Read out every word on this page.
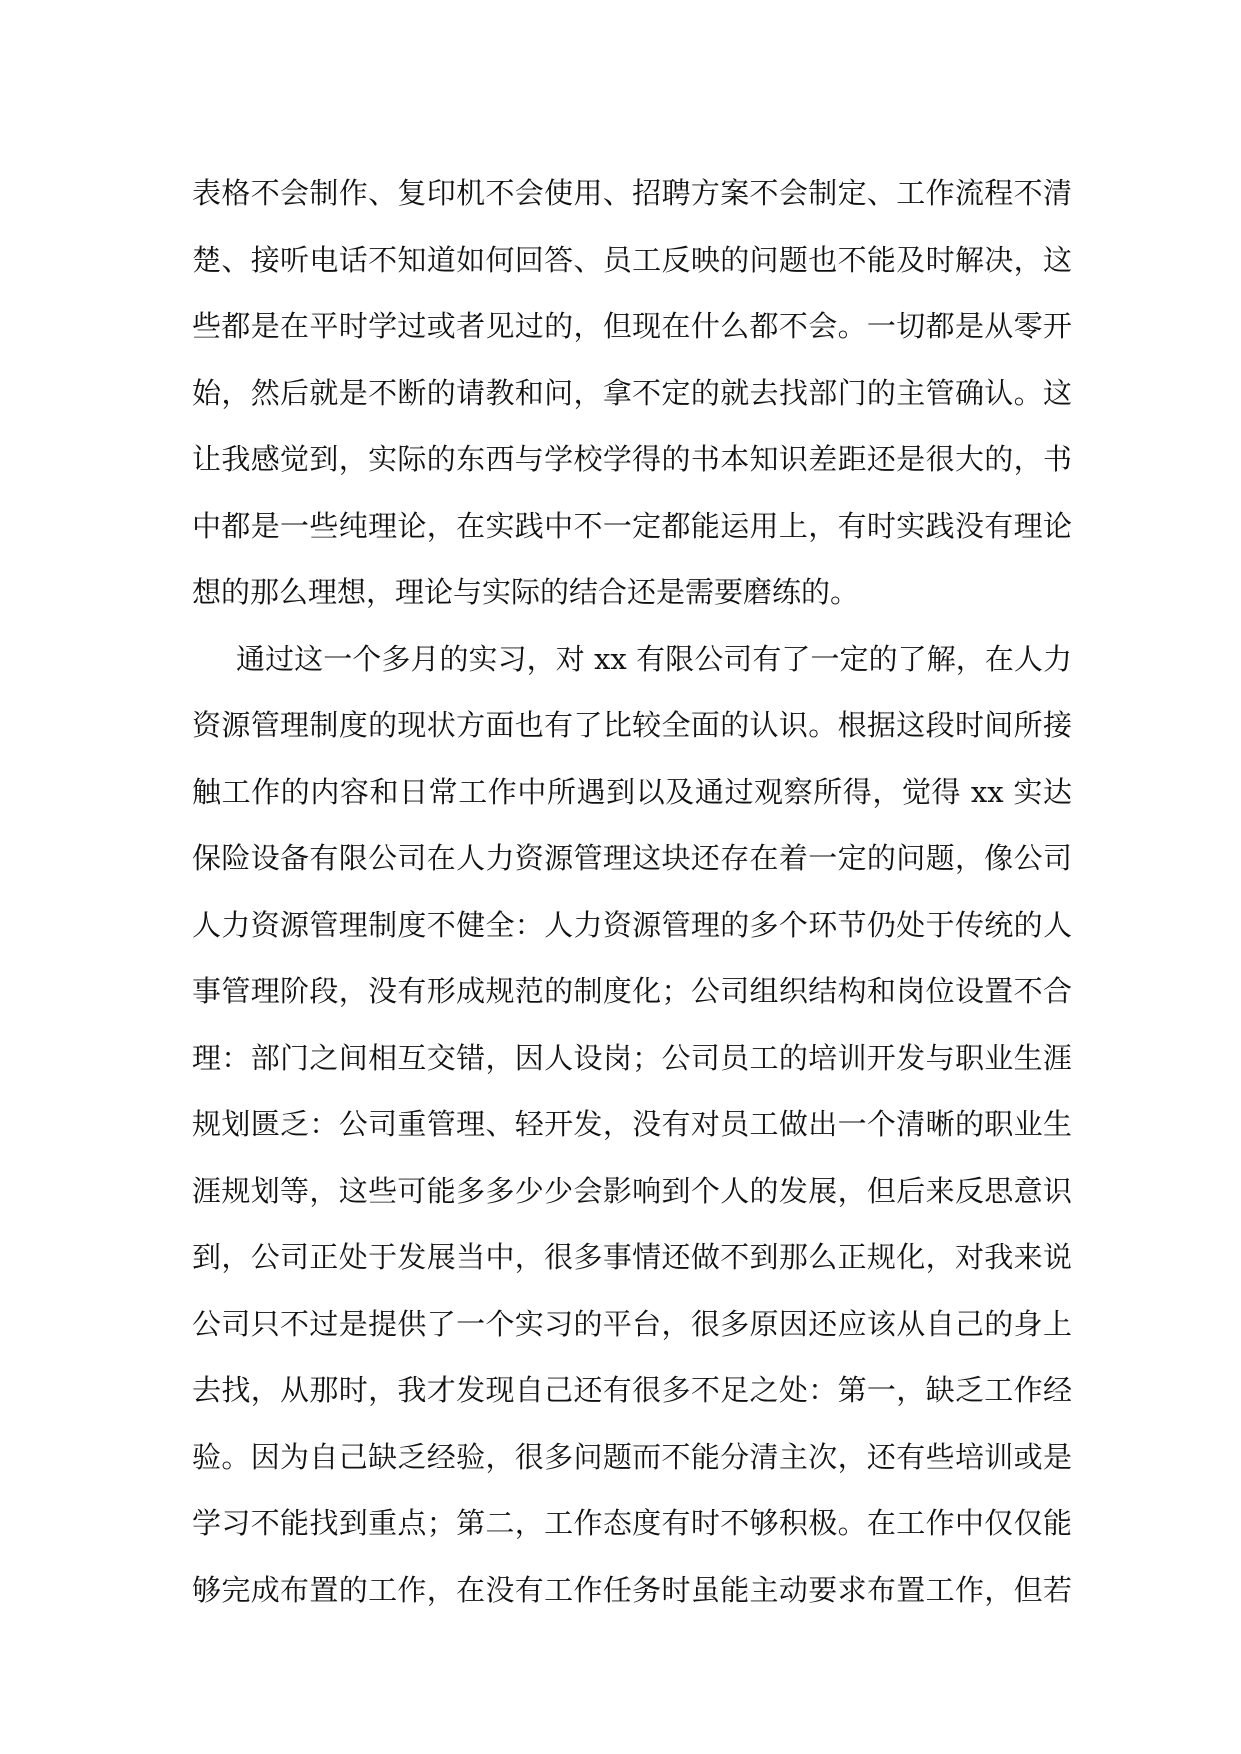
表格不会制作、复印机不会使用、招聘方案不会制定、工作流程不清
楚、接听电话不知道如何回答、员工反映的问题也不能及时解决，这
些都是在平时学过或者见过的，但现在什么都不会。一切都是从零开
始，然后就是不断的请教和问，拿不定的就去找部门的主管确认。这
让我感觉到，实际的东西与学校学得的书本知识差距还是很大的，书
中都是一些纯理论，在实践中不一定都能运用上，有时实践没有理论
想的那么理想，理论与实际的结合还是需要磨练的。
通过这一个多月的实习，对 xx 有限公司有了一定的了解，在人力
资源管理制度的现状方面也有了比较全面的认识。根据这段时间所接
触工作的内容和日常工作中所遇到以及通过观察所得，觉得 xx 实达
保险设备有限公司在人力资源管理这块还存在着一定的问题，像公司
人力资源管理制度不健全：人力资源管理的多个环节仍处于传统的人
事管理阶段，没有形成规范的制度化；公司组织结构和岗位设置不合
理：部门之间相互交错，因人设岗；公司员工的培训开发与职业生涯
规划匮乏：公司重管理、轻开发，没有对员工做出一个清晰的职业生
涯规划等，这些可能多多少少会影响到个人的发展，但后来反思意识
到，公司正处于发展当中，很多事情还做不到那么正规化，对我来说
公司只不过是提供了一个实习的平台，很多原因还应该从自己的身上
去找，从那时，我才发现自己还有很多不足之处：第一，缺乏工作经
验。因为自己缺乏经验，很多问题而不能分清主次，还有些培训或是
学习不能找到重点；第二，工作态度有时不够积极。在工作中仅仅能
够完成布置的工作，在没有工作任务时虽能主动要求布置工作，但若
